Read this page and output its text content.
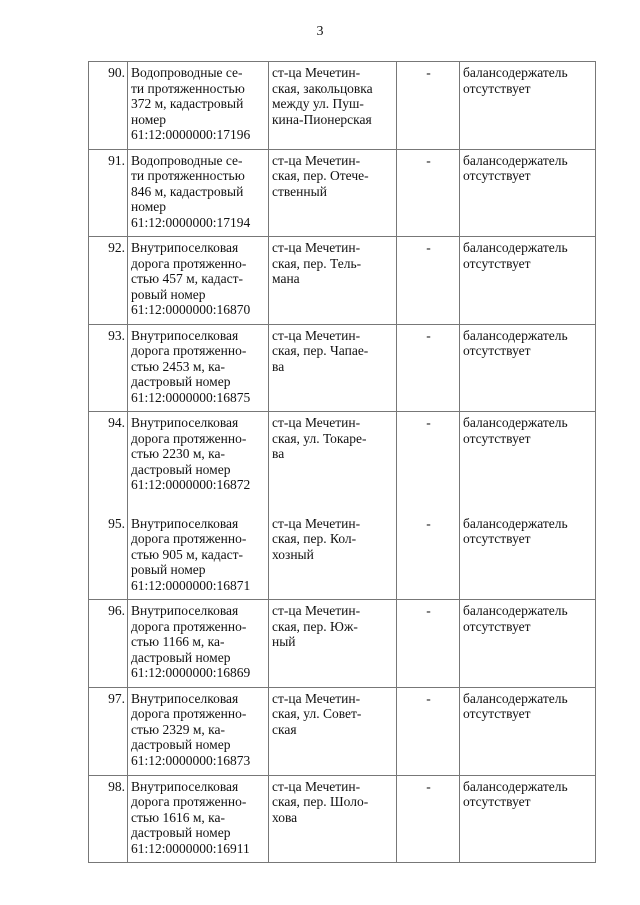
3
90.	Водопроводные се-
ти протяженностью
372 м, кадастровый
номер
61:12:0000000:17196	ст-ца Мечетин-
ская, закольцовка
между ул. Пуш-
кина-Пионерская	-	балансодержатель
отсутствует

91.	Водопроводные се-
ти протяженностью
846 м, кадастровый
номер
61:12:0000000:17194	ст-ца Мечетин-
ская, пер. Отече-
ственный	-	балансодержатель
отсутствует

92.	Внутрипоселковая
дорога протяженно-
стью 457 м, кадаст-
ровый номер
61:12:0000000:16870	ст-ца Мечетин-
ская, пер. Тель-
мана	-	балансодержатель
отсутствует

93.	Внутрипоселковая
дорога протяженно-
стью 2453 м, ка-
дастровый номер
61:12:0000000:16875	ст-ца Мечетин-
ская, пер. Чапае-
ва	-	балансодержатель
отсутствует

94.	Внутрипоселковая
дорога протяженно-
стью 2230 м, ка-
дастровый номер
61:12:0000000:16872	ст-ца Мечетин-
ская, ул. Токаре-
ва	-	балансодержатель
отсутствует

95.	Внутрипоселковая
дорога протяженно-
стью 905 м, кадаст-
ровый номер
61:12:0000000:16871	ст-ца Мечетин-
ская, пер. Кол-
хозный	-	балансодержатель
отсутствует

96.	Внутрипоселковая
дорога протяженно-
стью 1166 м, ка-
дастровый номер
61:12:0000000:16869	ст-ца Мечетин-
ская, пер. Юж-
ный	-	балансодержатель
отсутствует

97.	Внутрипоселковая
дорога протяженно-
стью 2329 м, ка-
дастровый номер
61:12:0000000:16873	ст-ца Мечетин-
ская, ул. Совет-
ская	-	балансодержатель
отсутствует

98.	Внутрипоселковая
дорога протяженно-
стью 1616 м, ка-
дастровый номер
61:12:0000000:16911	ст-ца Мечетин-
ская, пер. Шоло-
хова	-	балансодержатель
отсутствует
